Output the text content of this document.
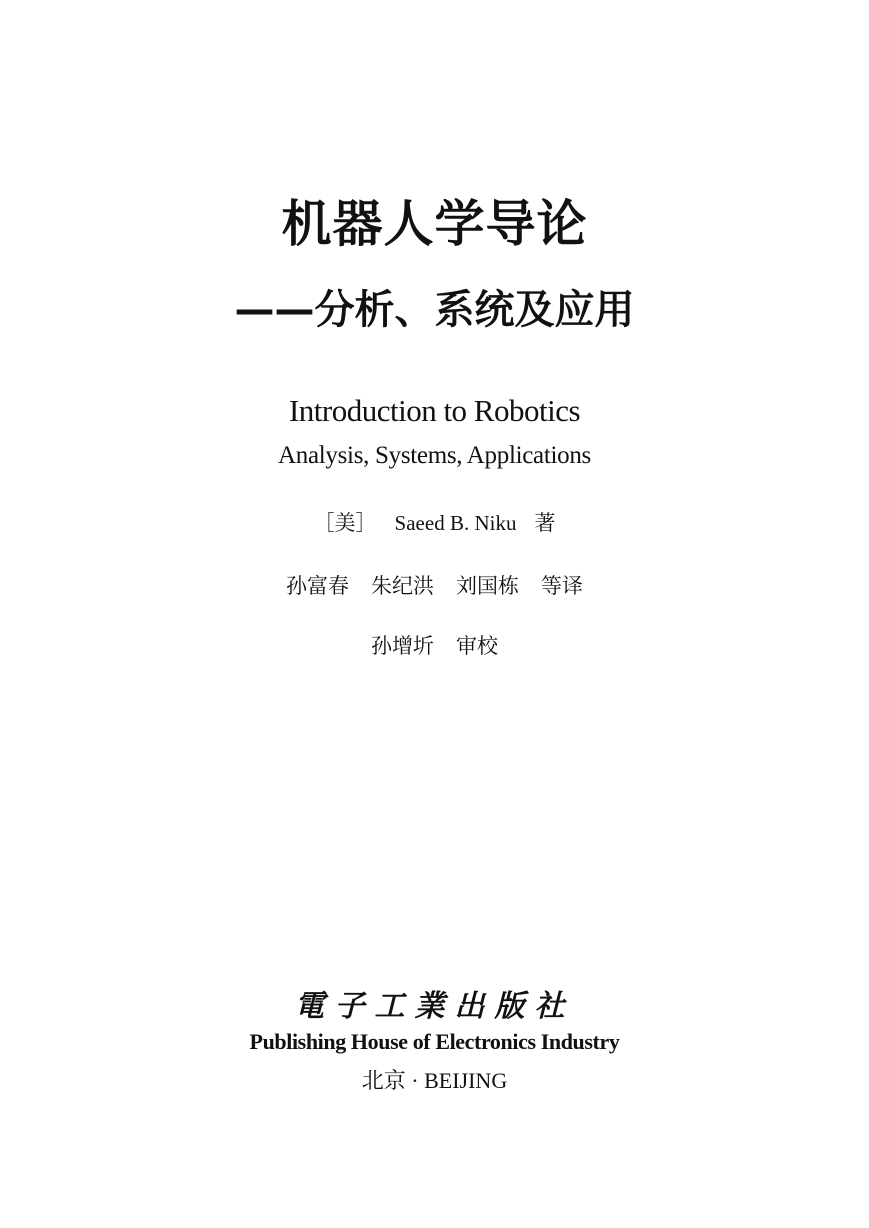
机器人学导论
——分析、系统及应用
Introduction to Robotics
Analysis, Systems, Applications
［美］ Saeed B. Niku 著
孙富春 朱纪洪 刘国栋 等译
孙增圻 审校
電子工業出版社
Publishing House of Electronics Industry
北京 · BEIJING
